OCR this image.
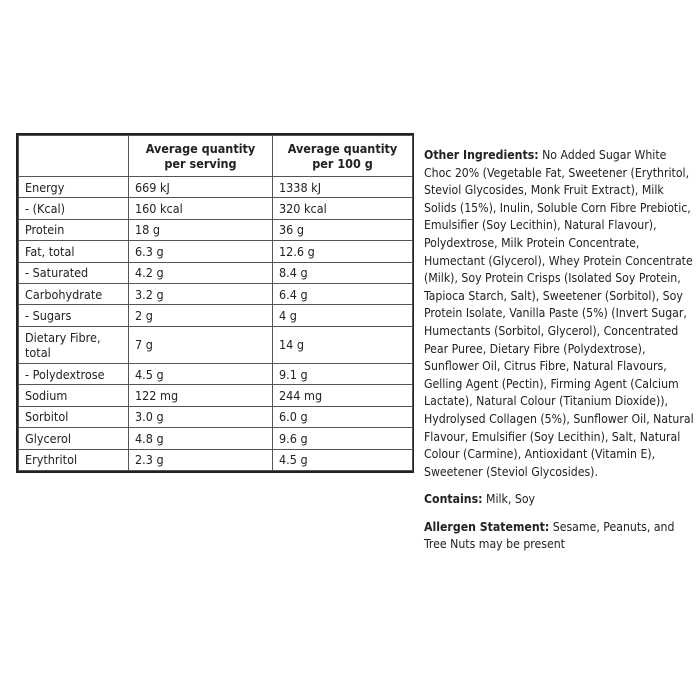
	Average quantity per serving	Average quantity per 100 g
Energy	669 kJ	1338 kJ
- (Kcal)	160 kcal	320 kcal
Protein	18 g	36 g
Fat, total	6.3 g	12.6 g
- Saturated	4.2 g	8.4 g
Carbohydrate	3.2 g	6.4 g
- Sugars	2 g	4 g
Dietary Fibre, total	7 g	14 g
- Polydextrose	4.5 g	9.1 g
Sodium	122 mg	244 mg
Sorbitol	3.0 g	6.0 g
Glycerol	4.8 g	9.6 g
Erythritol	2.3 g	4.5 g

Other Ingredients: No Added Sugar White Choc 20% (Vegetable Fat, Sweetener (Erythritol, Steviol Glycosides, Monk Fruit Extract), Milk Solids (15%), Inulin, Soluble Corn Fibre Prebiotic, Emulsifier (Soy Lecithin), Natural Flavour), Polydextrose, Milk Protein Concentrate, Humectant (Glycerol), Whey Protein Concentrate (Milk), Soy Protein Crisps (Isolated Soy Protein, Tapioca Starch, Salt), Sweetener (Sorbitol), Soy Protein Isolate, Vanilla Paste (5%) (Invert Sugar, Humectants (Sorbitol, Glycerol), Concentrated Pear Puree, Dietary Fibre (Polydextrose), Sunflower Oil, Citrus Fibre, Natural Flavours, Gelling Agent (Pectin), Firming Agent (Calcium Lactate), Natural Colour (Titanium Dioxide)), Hydrolysed Collagen (5%), Sunflower Oil, Natural Flavour, Emulsifier (Soy Lecithin), Salt, Natural Colour (Carmine), Antioxidant (Vitamin E), Sweetener (Steviol Glycosides).

Contains: Milk, Soy

Allergen Statement: Sesame, Peanuts, and Tree Nuts may be present
